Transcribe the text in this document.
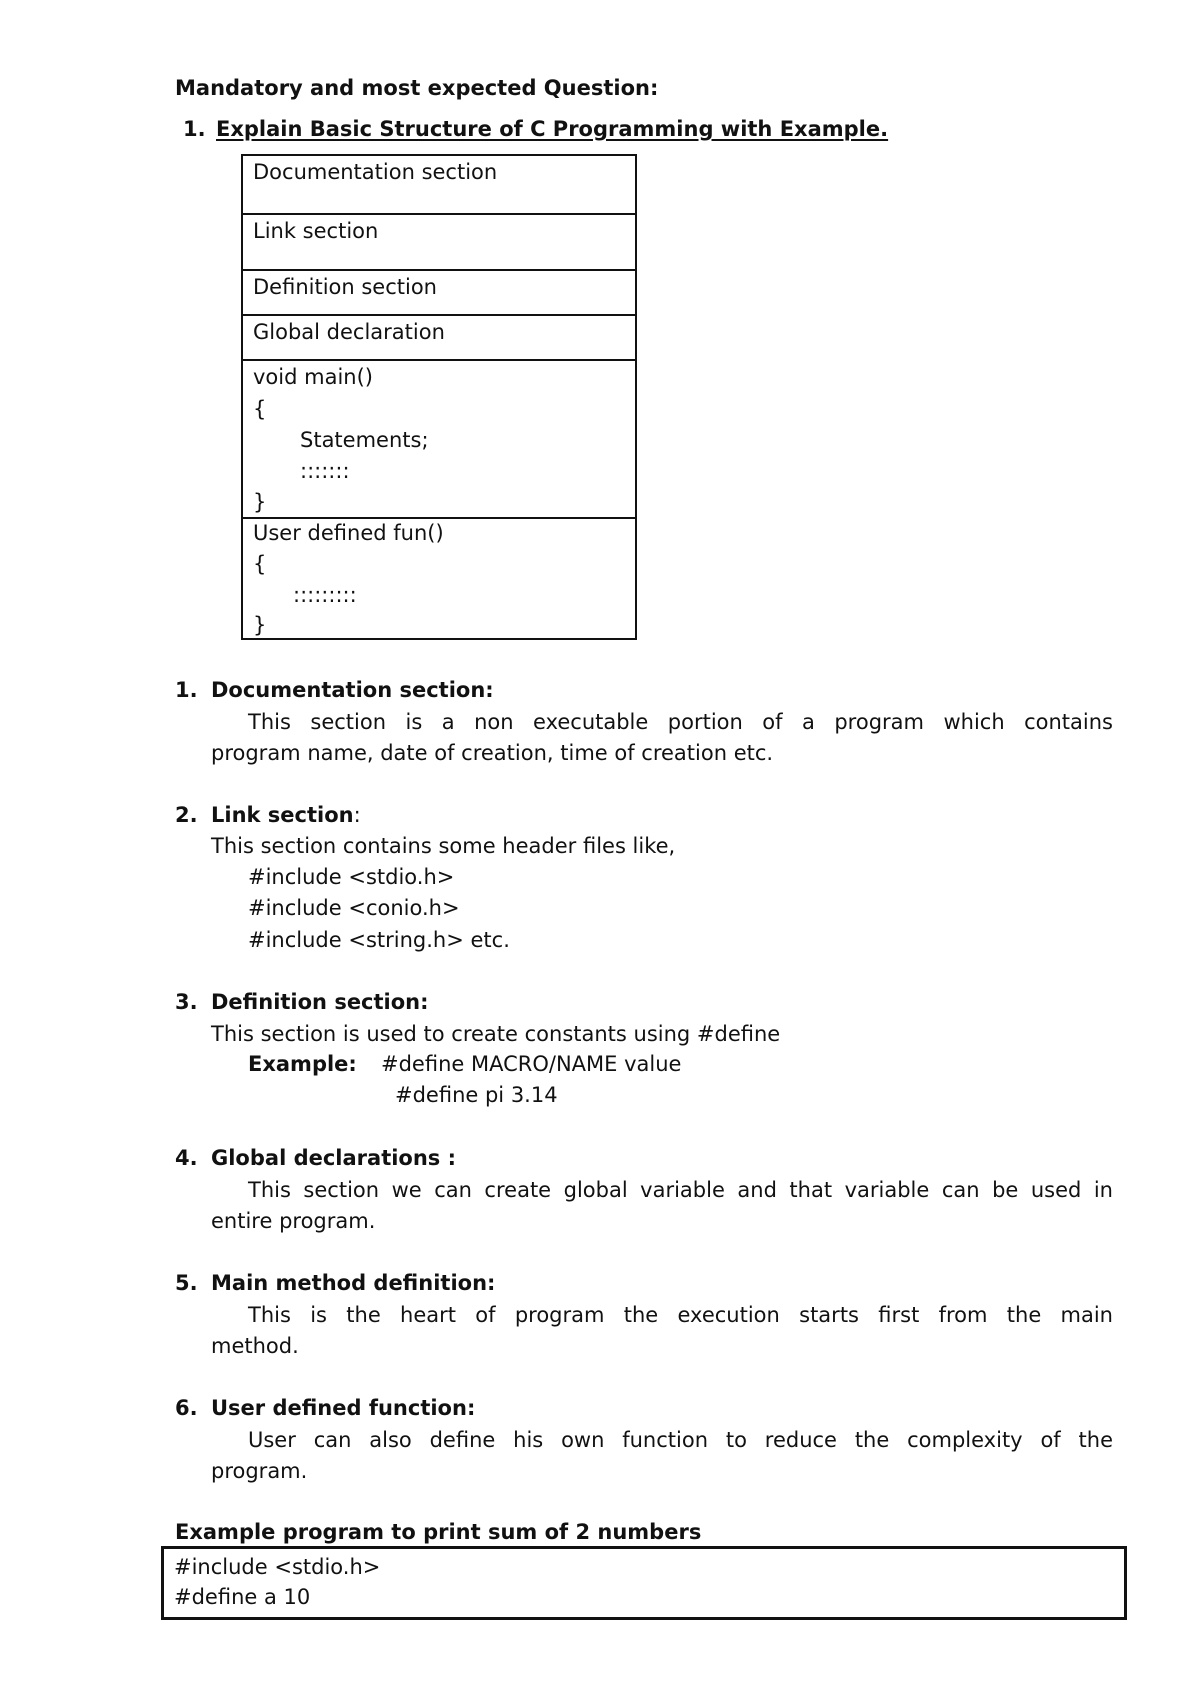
Mandatory and most expected Question:
1. Explain Basic Structure of C Programming with Example.
Documentation section
Link section
Definition section
Global declaration
void main()
{
Statements;
:::::::
}
User defined fun()
{
:::::::::
}
1. Documentation section:
This section is a non executable portion of a program which contains
program name, date of creation, time of creation etc.
2. Link section:
This section contains some header files like,
#include <stdio.h>
#include <conio.h>
#include <string.h> etc.
3. Definition section:
This section is used to create constants using #define
Example: #define MACRO/NAME value
#define pi 3.14
4. Global declarations :
This section we can create global variable and that variable can be used in
entire program.
5. Main method definition:
This is the heart of program the execution starts first from the main
method.
6. User defined function:
User can also define his own function to reduce the complexity of the
program.
Example program to print sum of 2 numbers
#include <stdio.h>
#define a 10
